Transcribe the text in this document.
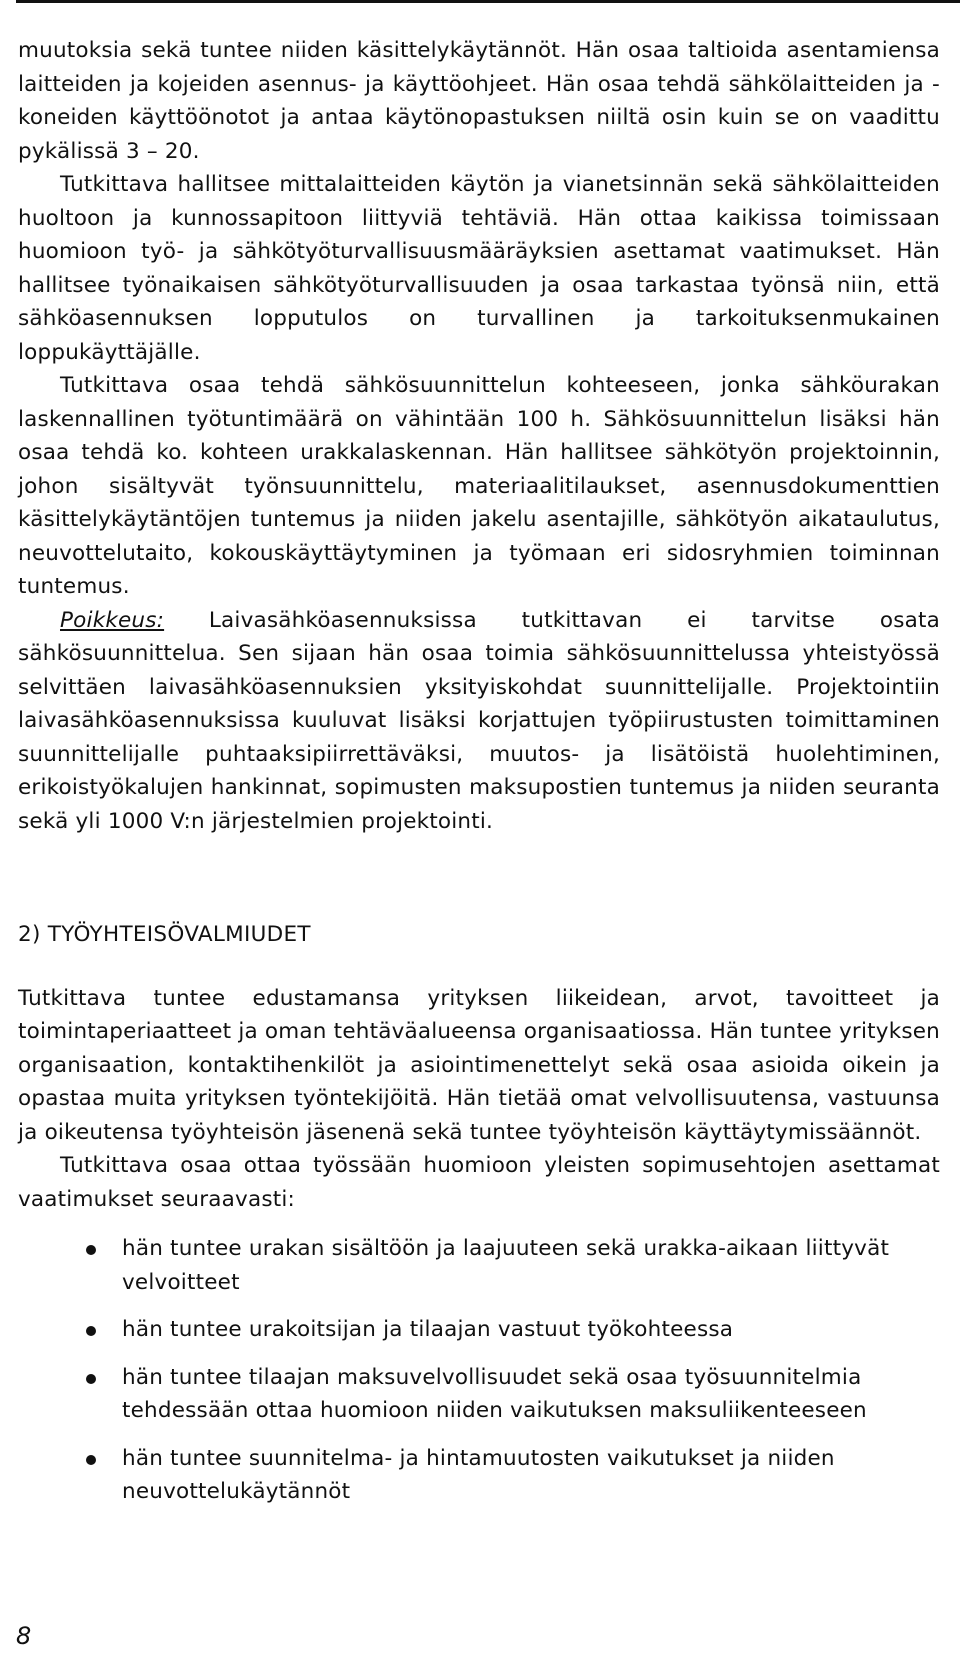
muutoksia sekä tuntee niiden käsittelykäytännöt. Hän osaa taltioida asentamiensa laitteiden ja kojeiden asennus- ja käyttöohjeet. Hän osaa tehdä sähkölaitteiden ja -koneiden käyttöönotot ja antaa käytönopastuksen niiltä osin kuin se on vaadittu pykälissä 3 – 20.

Tutkittava hallitsee mittalaitteiden käytön ja vianetsinnän sekä sähkölaitteiden huoltoon ja kunnossapitoon liittyviä tehtäviä. Hän ottaa kaikissa toimissaan huomioon työ- ja sähkötyöturvallisuusmääräyksien asettamat vaatimukset. Hän hallitsee työnaikaisen sähkötyöturvallisuuden ja osaa tarkastaa työnsä niin, että sähköasennuksen lopputulos on turvallinen ja tarkoituksenmukainen loppukäyttäjälle.

Tutkittava osaa tehdä sähkösuunnittelun kohteeseen, jonka sähköurakan laskennallinen työtuntimäärä on vähintään 100 h. Sähkösuunnittelun lisäksi hän osaa tehdä ko. kohteen urakkalaskennan. Hän hallitsee sähkötyön projektoinnin, johon sisältyvät työnsuunnittelu, materiaalitilaukset, asennusdokumenttien käsittelykäytäntöjen tuntemus ja niiden jakelu asentajille, sähkötyön aikataulutus, neuvottelutaito, kokouskäyttäytyminen ja työmaan eri sidosryhmien toiminnan tuntemus.

Poikkeus: Laivasähköasennuksissa tutkittavan ei tarvitse osata sähkösuunnittelua. Sen sijaan hän osaa toimia sähkösuunnittelussa yhteistyössä selvittäen laivasähköasennuksien yksityiskohdat suunnittelijalle. Projektointiin laivasähköasennuksissa kuuluvat lisäksi korjattujen työpiirustusten toimittaminen suunnittelijalle puhtaaksipiirrettäväksi, muutos- ja lisätöistä huolehtiminen, erikoistyökalujen hankinnat, sopimusten maksupostien tuntemus ja niiden seuranta sekä yli 1000 V:n järjestelmien projektointi.

2) TYÖYHTEISÖVALMIUDET

Tutkittava tuntee edustamansa yrityksen liikeidean, arvot, tavoitteet ja toimintaperiaatteet ja oman tehtäväalueensa organisaatiossa. Hän tuntee yrityksen organisaation, kontaktihenkilöt ja asiointimenettelyt sekä osaa asioida oikein ja opastaa muita yrityksen työntekijöitä. Hän tietää omat velvollisuutensa, vastuunsa ja oikeutensa työyhteisön jäsenenä sekä tuntee työyhteisön käyttäytymissäännöt.

Tutkittava osaa ottaa työssään huomioon yleisten sopimusehtojen asettamat vaatimukset seuraavasti:

hän tuntee urakan sisältöön ja laajuuteen sekä urakka-aikaan liittyvät velvoitteet
hän tuntee urakoitsijan ja tilaajan vastuut työkohteessa
hän tuntee tilaajan maksuvelvollisuudet sekä osaa työsuunnitelmia tehdessään ottaa huomioon niiden vaikutuksen maksuliikenteeseen
hän tuntee suunnitelma- ja hintamuutosten vaikutukset ja niiden neuvottelukäytännöt
8
